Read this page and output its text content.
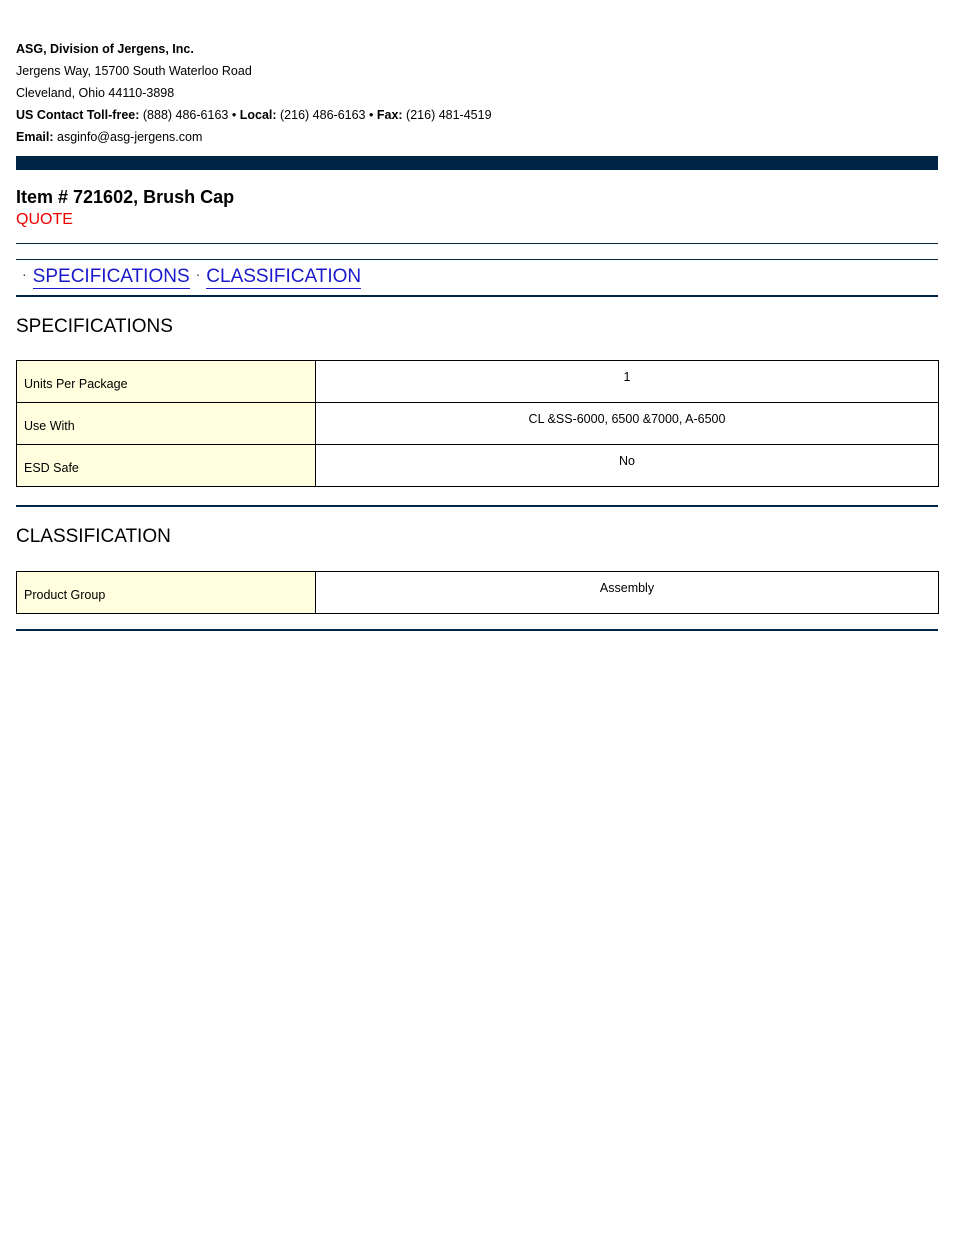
ASG, Division of Jergens, Inc.
Jergens Way, 15700 South Waterloo Road
Cleveland, Ohio 44110-3898
US Contact Toll-free: (888) 486-6163 • Local: (216) 486-6163 • Fax: (216) 481-4519
Email: asginfo@asg-jergens.com
Item # 721602, Brush Cap
QUOTE
· SPECIFICATIONS · CLASSIFICATION
SPECIFICATIONS
Units Per Package	1
Use With	CL &SS-6000, 6500 &7000, A-6500
ESD Safe	No
CLASSIFICATION
Product Group	Assembly
